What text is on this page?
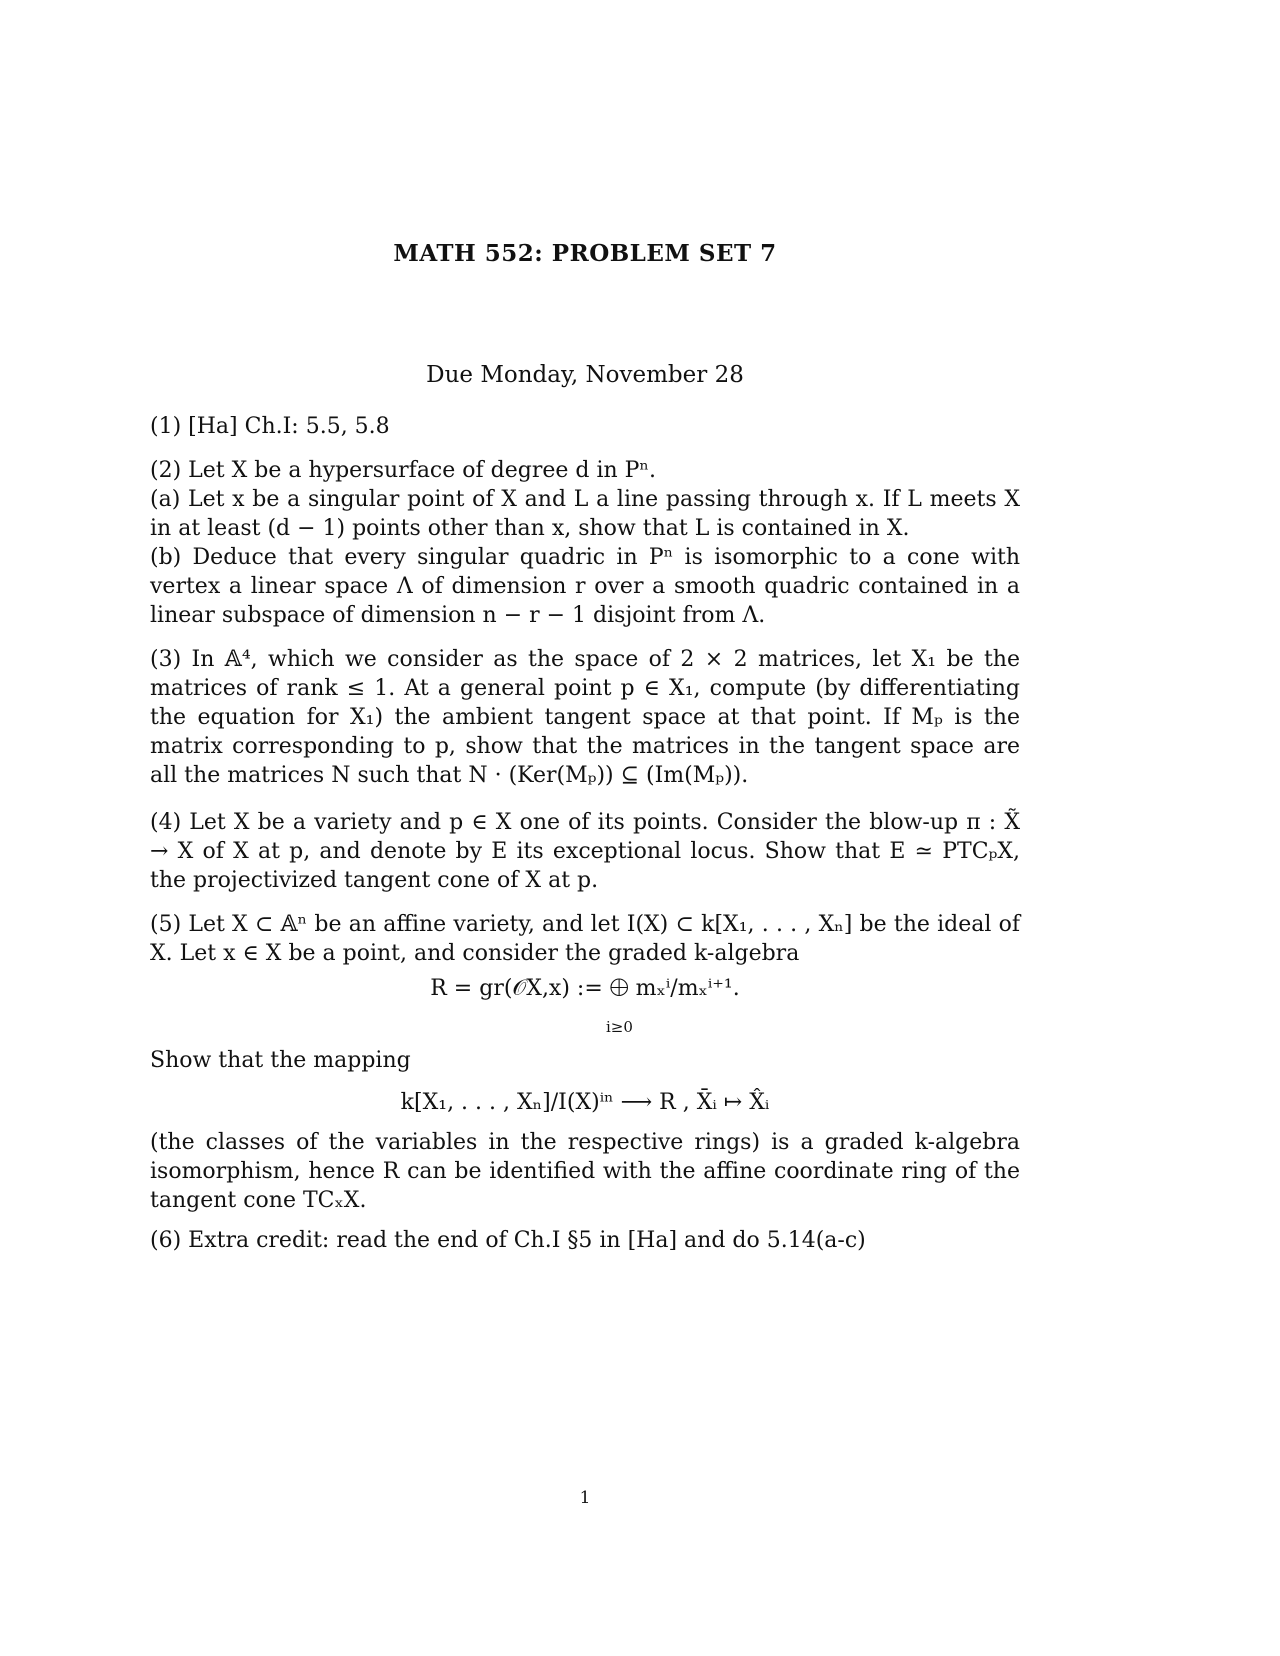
MATH 552: PROBLEM SET 7
Due Monday, November 28
(1) [Ha] Ch.I: 5.5, 5.8

(2) Let X be a hypersurface of degree d in Pⁿ.

(a) Let x be a singular point of X and L a line passing through x. If L meets X in at least (d − 1) points other than x, show that L is contained in X.

(b) Deduce that every singular quadric in Pⁿ is isomorphic to a cone with vertex a linear space Λ of dimension r over a smooth quadric contained in a linear subspace of dimension n − r − 1 disjoint from Λ.

(3) In 𝔸⁴, which we consider as the space of 2 × 2 matrices, let X₁ be the matrices of rank ≤ 1. At a general point p ∈ X₁, compute (by differentiating the equation for X₁) the ambient tangent space at that point. If Mₚ is the matrix corresponding to p, show that the matrices in the tangent space are all the matrices N such that N · (Ker(Mₚ)) ⊆ (Im(Mₚ)).
(4) Let X be a variety and p ∈ X one of its points. Consider the blow-up π : X̃ → X of X at p, and denote by E its exceptional locus. Show that E ≃ PTCₚX, the projectivized tangent cone of X at p.
(5) Let X ⊂ 𝔸ⁿ be an affine variety, and let I(X) ⊂ k[X₁, . . . , Xₙ] be the ideal of X. Let x ∈ X be a point, and consider the graded k-algebra
R = gr(𝒪X,x) := ⨁ mₓⁱ/mₓⁱ⁺¹.
i≥0
Show that the mapping
k[X₁, . . . , Xₙ]/I(X)ⁱⁿ ⟶ R , X̄ᵢ ↦ X̂ᵢ
(the classes of the variables in the respective rings) is a graded k-algebra isomorphism, hence R can be identified with the affine coordinate ring of the tangent cone TCₓX.
(6) Extra credit: read the end of Ch.I §5 in [Ha] and do 5.14(a-c)
1
